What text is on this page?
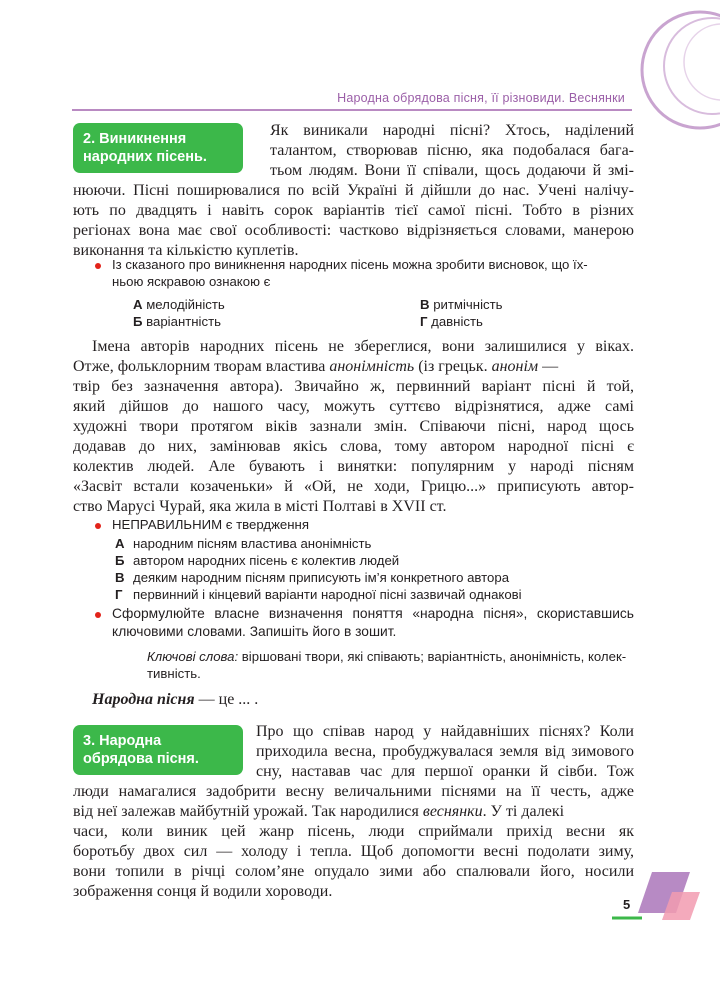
Народна обрядова пісня, її різновиди. Веснянки
2. Виникнення
народних пісень.
Як виникали народні пісні? Хтось, наділений
талантом, створював пісню, яка подобалася бага-
тьом людям. Вони її співали, щось додаючи й змі-
нюючи. Пісні поширювалися по всій Україні й дійшли до нас. Учені налічу-
ють по двадцять і навіть сорок варіантів тієї самої пісні. Тобто в різних
регіонах вона має свої особливості: частково відрізняється словами, манерою
виконання та кількістю куплетів.
Із сказаного про виникнення народних пісень можна зробити висновок, що їх-
ньою яскравою ознакою є
А мелодійність	В ритмічність
Б варіантність	Г давність
Імена авторів народних пісень не збереглися, вони залишилися у віках.
Отже, фольклорним творам властива анонімність (із грецьк. анонім —
твір без зазначення автора). Звичайно ж, первинний варіант пісні й той,
який дійшов до нашого часу, можуть суттєво відрізнятися, адже самі
художні твори протягом віків зазнали змін. Співаючи пісні, народ щось
додавав до них, замінював якісь слова, тому автором народної пісні є
колектив людей. Але бувають і винятки: популярним у народі пісням
«Засвіт встали козаченьки» й «Ой, не ходи, Грицю...» приписують автор-
ство Марусі Чурай, яка жила в місті Полтаві в XVII ст.
НЕПРАВИЛЬНИМ є твердження
А народним пісням властива анонімність
Б автором народних пісень є колектив людей
В деяким народним пісням приписують ім’я конкретного автора
Г первинний і кінцевий варіанти народної пісні зазвичай однакові
Сформулюйте власне визначення поняття «народна пісня», скориставшись
ключовими словами. Запишіть його в зошит.
Ключові слова: віршовані твори, які співають; варіантність, анонімність, колек-
тивність.
Народна пісня — це ... .
3. Народна
обрядова пісня.
Про що співав народ у найдавніших піснях? Коли
приходила весна, пробуджувалася земля від зимового
сну, наставав час для першої оранки й сівби. Тож
люди намагалися задобрити весну величальними піснями на її честь, адже
від неї залежав майбутній урожай. Так народилися веснянки. У ті далекі
часи, коли виник цей жанр пісень, люди сприймали прихід весни як
боротьбу двох сил — холоду і тепла. Щоб допомогти весні подолати зиму,
вони топили в річці солом’яне опудало зими або спалювали його, носили
зображення сонця й водили хороводи.
5
